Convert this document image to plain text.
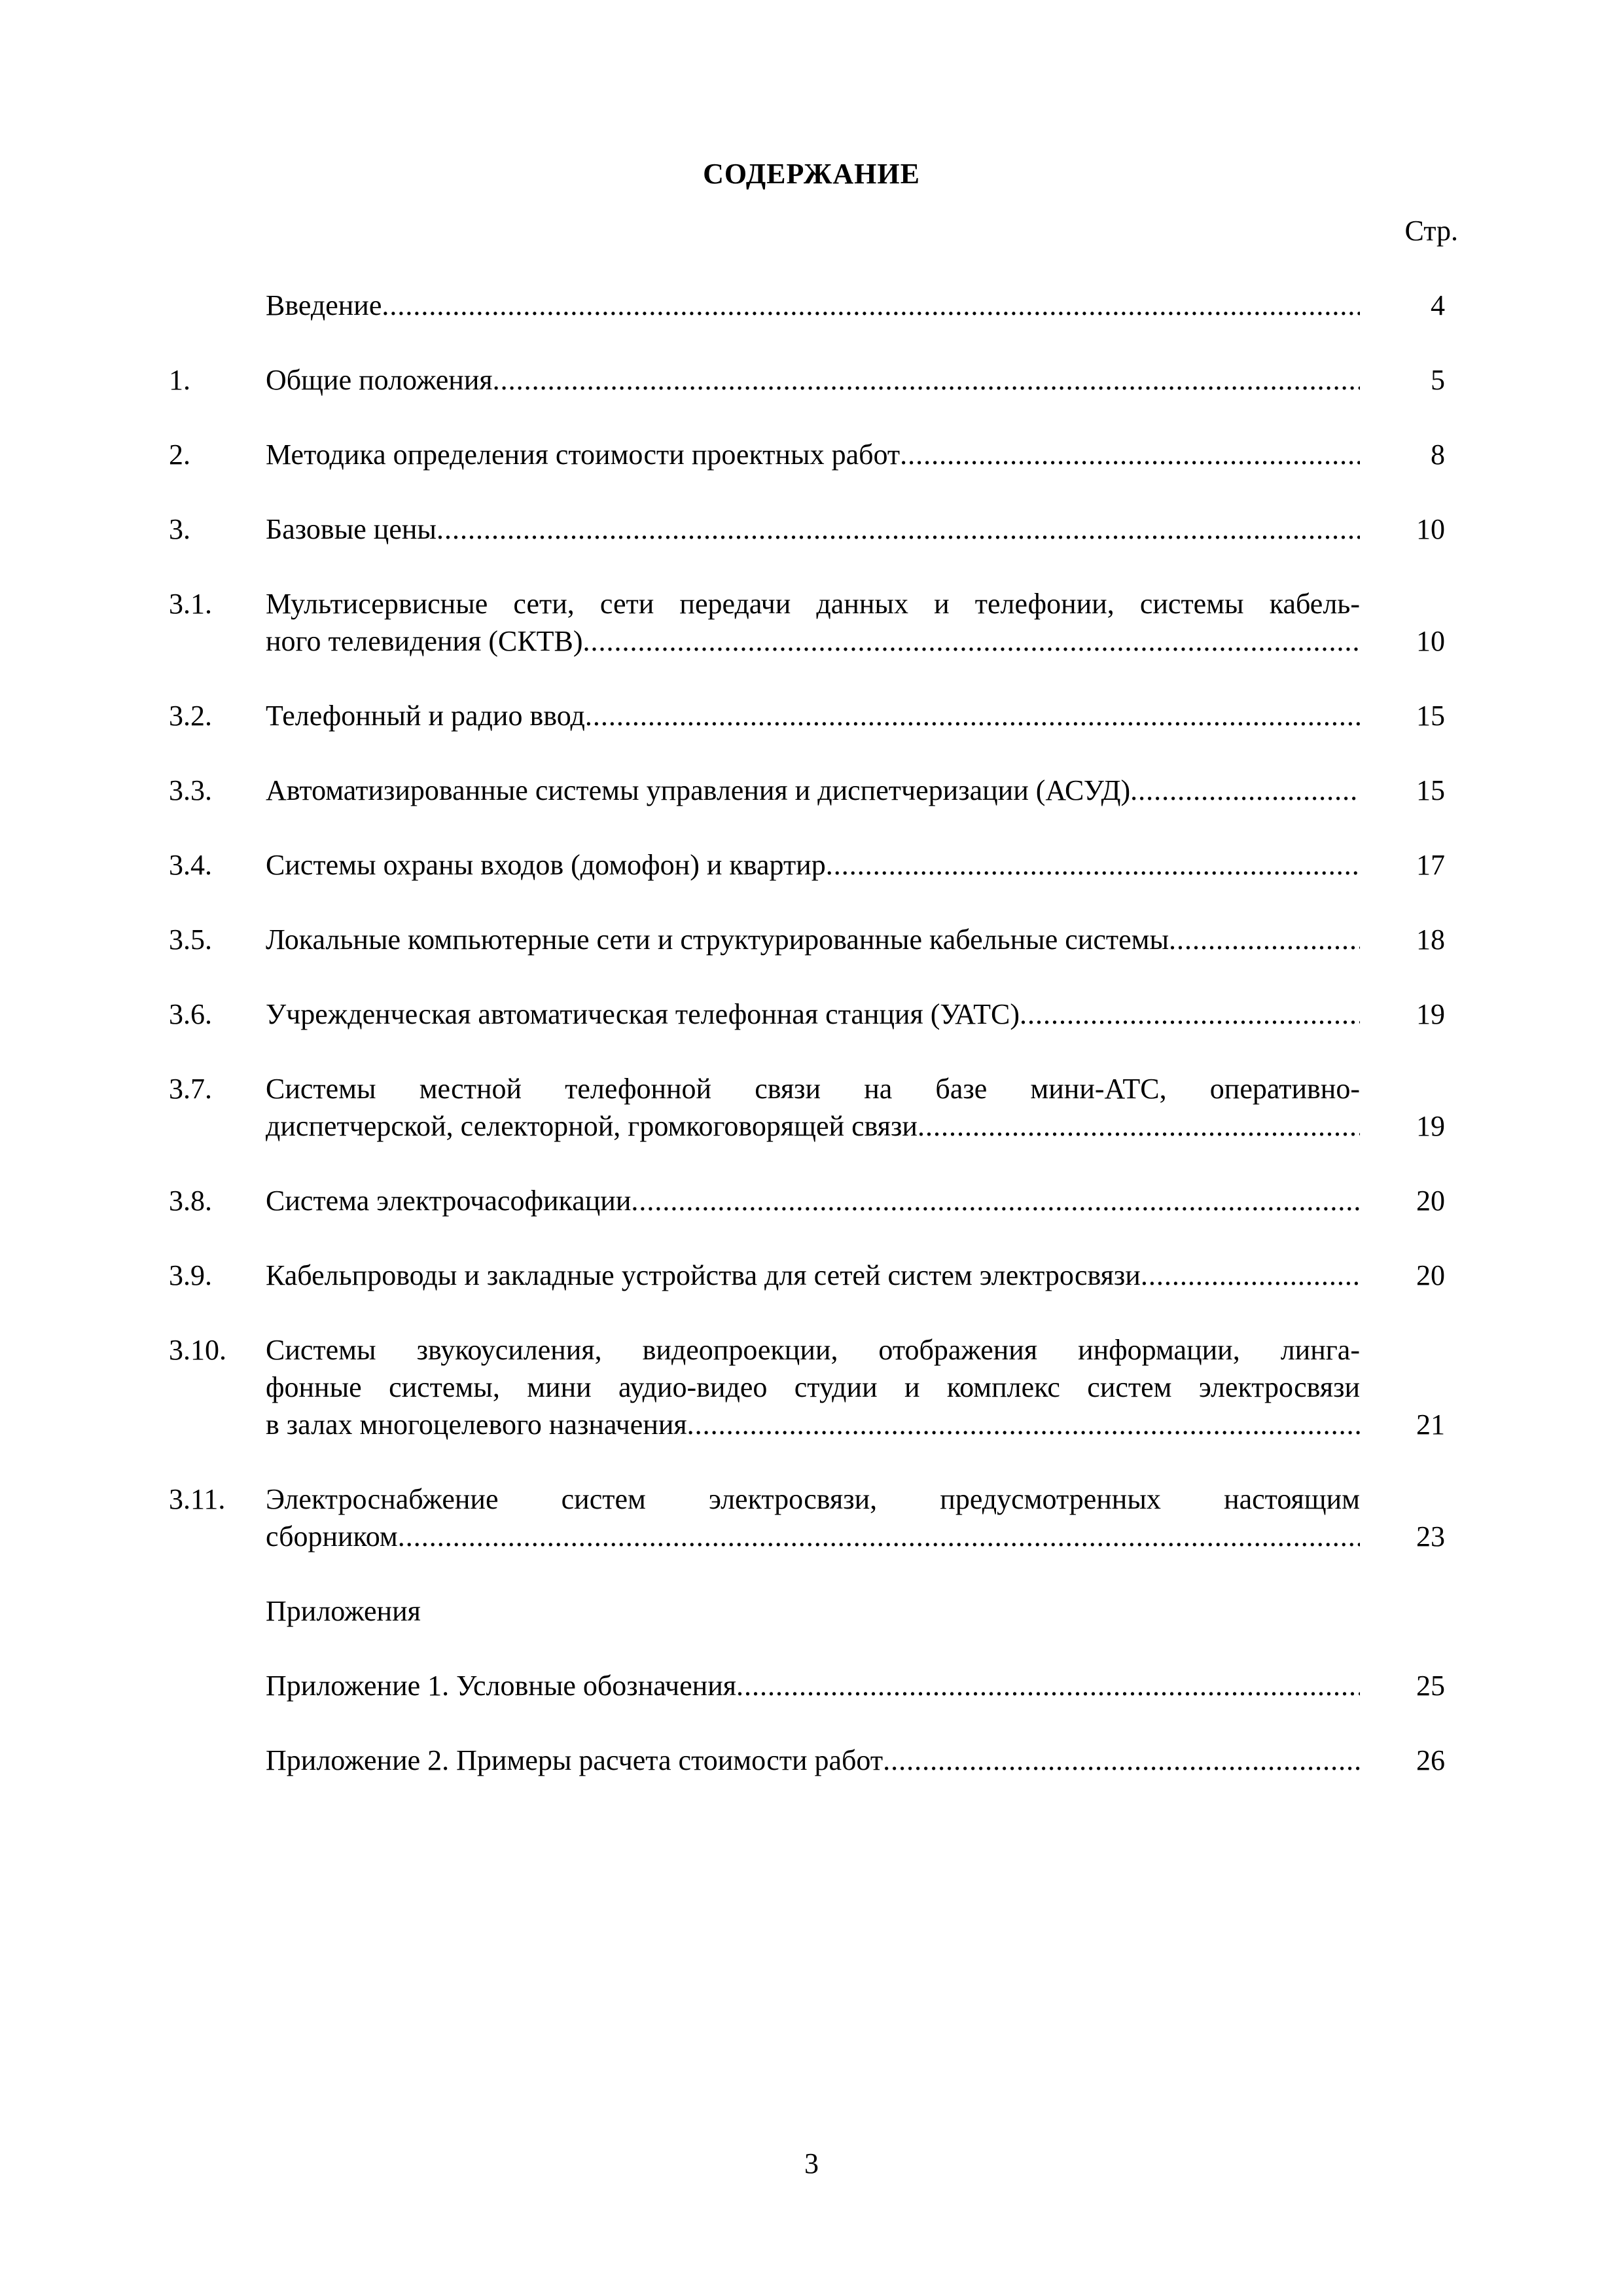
СОДЕРЖАНИЕ
Стр.
Введение .....	4
1.	Общие положения .....	5
2.	Методика определения стоимости проектных работ .....	8
3.	Базовые цены .....	10
3.1.	Мультисервисные сети, сети передачи данных и телефонии, системы кабель-
ного телевидения (СКТВ) .....	10
3.2.	Телефонный и радио ввод .....	15
3.3.	Автоматизированные системы управления и диспетчеризации (АСУД) .....	15
3.4.	Системы охраны входов (домофон) и квартир .....	17
3.5.	Локальные компьютерные сети и структурированные кабельные системы .....	18
3.6.	Учрежденческая автоматическая телефонная станция (УАТС) .....	19
3.7.	Системы местной телефонной связи на базе мини-АТС, оперативно-
диспетчерской, селекторной, громкоговорящей связи .....	19
3.8.	Система электрочасофикации .....	20
3.9.	Кабельпроводы и закладные устройства для сетей систем электросвязи .....	20
3.10.	Системы звукоусиления, видеопроекции, отображения информации, линга-
фонные системы, мини аудио-видео студии и комплекс систем электросвязи
в залах многоцелевого назначения .....	21
3.11.	Электроснабжение систем электросвязи, предусмотренных настоящим
сборником .....	23
Приложения
Приложение 1. Условные обозначения .....	25
Приложение 2. Примеры расчета стоимости работ .....	26
3
